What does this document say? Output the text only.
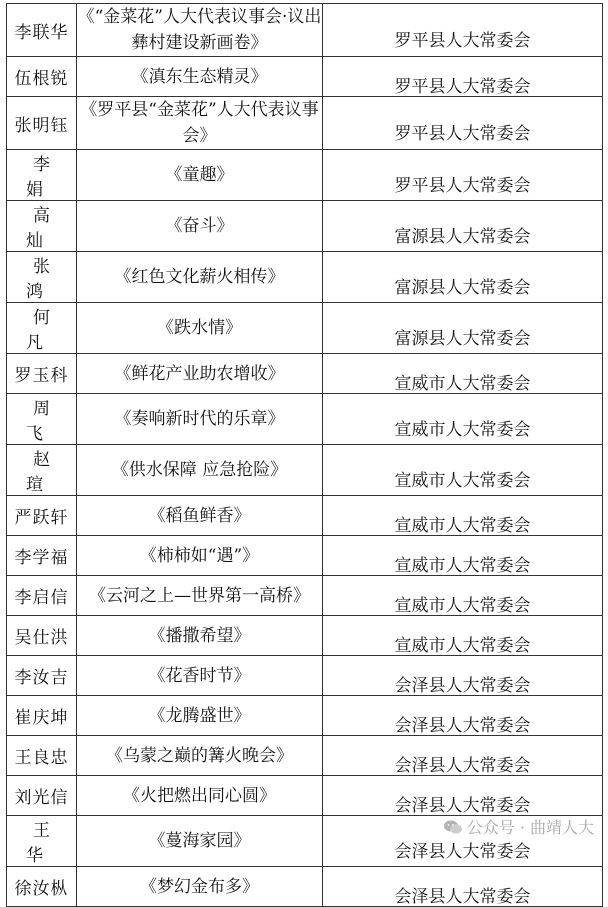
李联华	《“金菜花”人大代表议事会·议出彝村建设新画卷》	罗平县人大常委会
伍根锐	《滇东生态精灵》	罗平县人大常委会
张明钰	《罗平县“金菜花”人大代表议事会》	罗平县人大常委会
李 娟	《童趣》	罗平县人大常委会
高 灿	《奋斗》	富源县人大常委会
张 鸿	《红色文化薪火相传》	富源县人大常委会
何 凡	《跌水情》	富源县人大常委会
罗玉科	《鲜花产业助农增收》	宣威市人大常委会
周 飞	《奏响新时代的乐章》	宣威市人大常委会
赵 瑄	《供水保障 应急抢险》	宣威市人大常委会
严跃轩	《稻鱼鲜香》	宣威市人大常委会
李学福	《柿柿如“遇”》	宣威市人大常委会
李启信	《云河之上—世界第一高桥》	宣威市人大常委会
吴仕洪	《播撒希望》	宣威市人大常委会
李汝吉	《花香时节》	会泽县人大常委会
崔庆坤	《龙腾盛世》	会泽县人大常委会
王良忠	《乌蒙之巅的篝火晚会》	会泽县人大常委会
刘光信	《火把燃出同心圆》	会泽县人大常委会
王 华	《蔓海家园》	会泽县人大常委会
徐汝枞	《梦幻金布多》	会泽县人大常委会
公众号 · 曲靖人大
